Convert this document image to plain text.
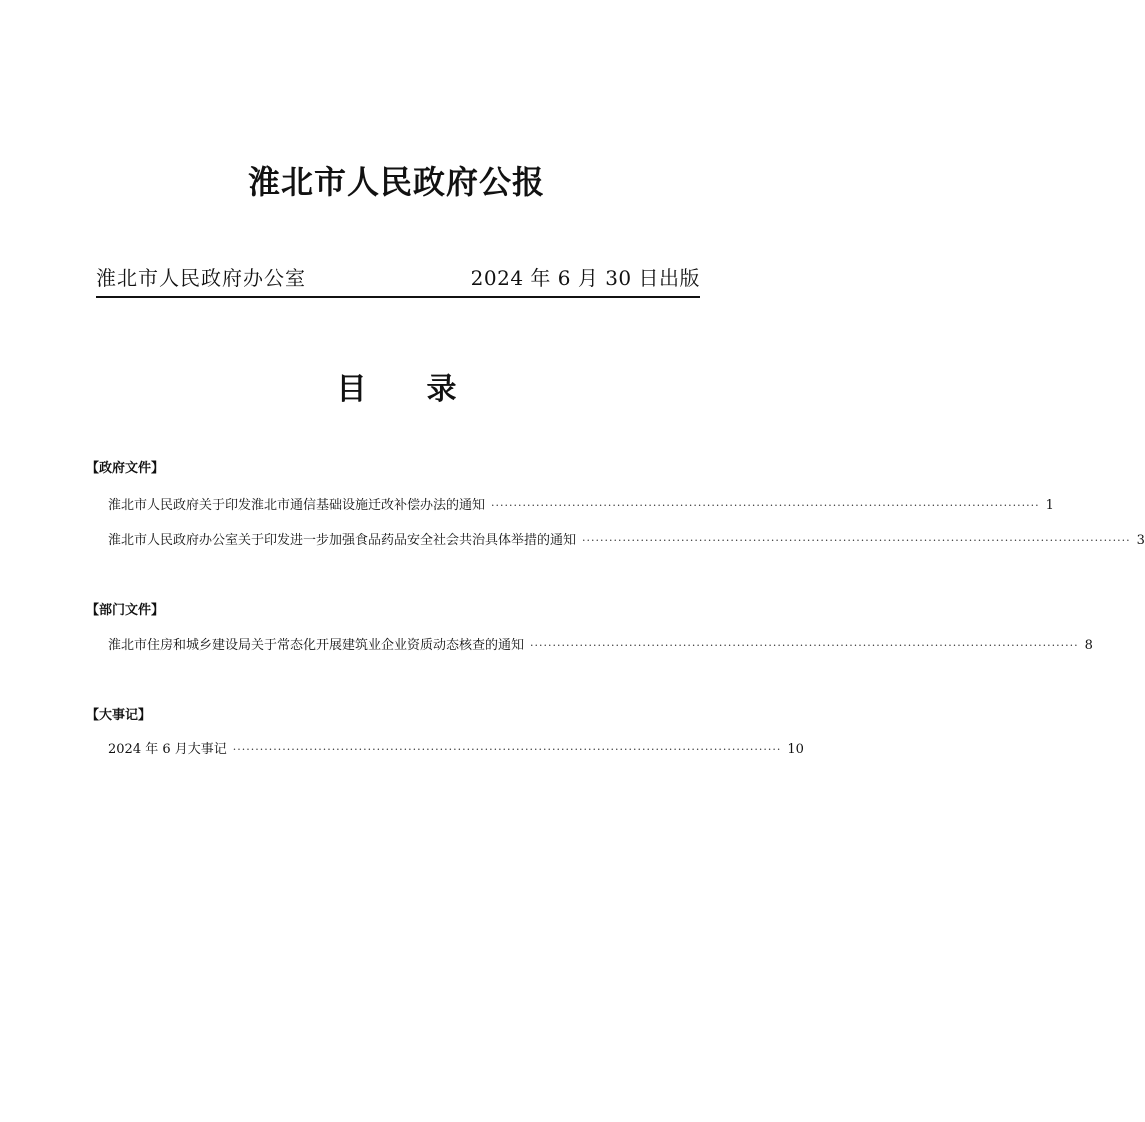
淮北市人民政府公报
淮北市人民政府办公室	2024 年 6 月 30 日出版
目录
【政府文件】
淮北市人民政府关于印发淮北市通信基础设施迁改补偿办法的通知 ·························································································································· 1
淮北市人民政府办公室关于印发进一步加强食品药品安全社会共治具体举措的通知 ·························································································································· 3
【部门文件】
淮北市住房和城乡建设局关于常态化开展建筑业企业资质动态核查的通知 ·························································································································· 8
【大事记】
2024 年 6 月大事记 ·························································································································· 10
